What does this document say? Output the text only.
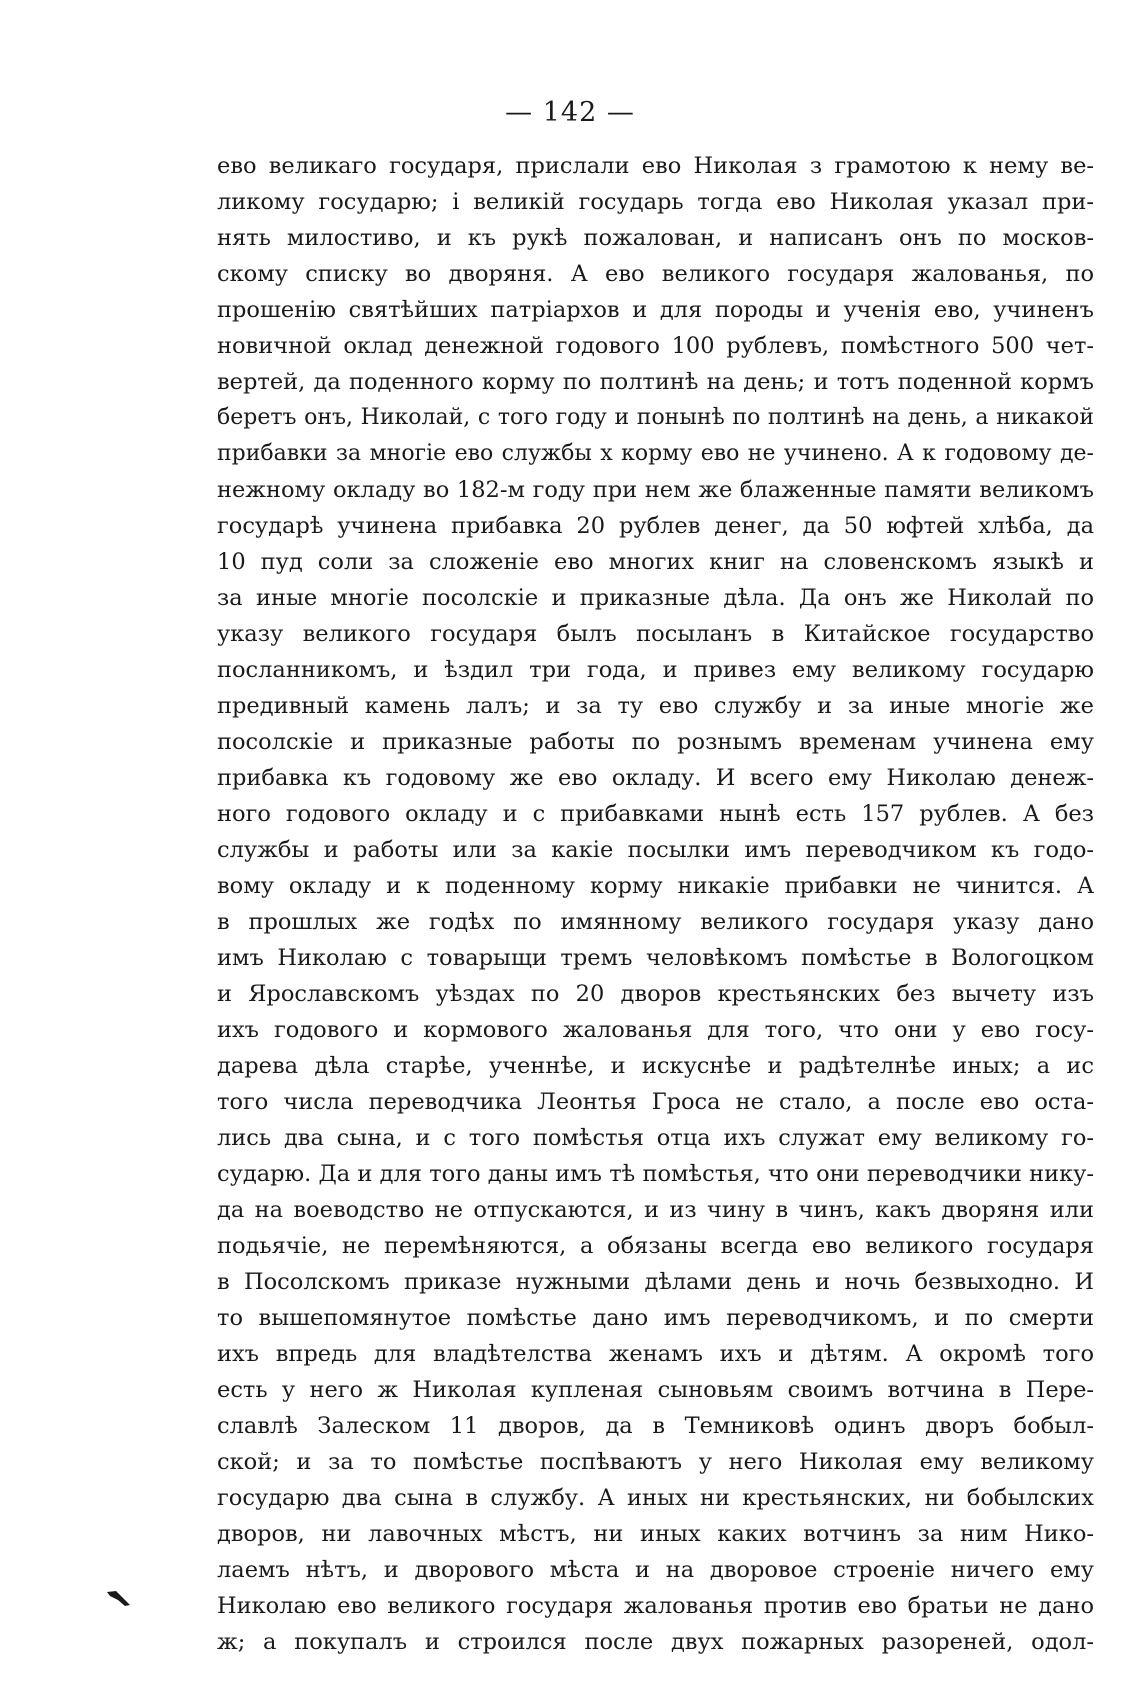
— 142 —
ево великаго государя, прислали ево Николая з грамотою к нему ве-
ликому государю; і великій государь тогда ево Николая указал при-
нять милостиво, и къ рукѣ пожалован, и написанъ онъ по москов-
скому списку во дворяня. А ево великого государя жалованья, по
прошенію святѣйших патріархов и для породы и ученія ево, учиненъ
новичной оклад денежной годового 100 рублевъ, помѣстного 500 чет-
вертей, да поденного корму по полтинѣ на день; и тотъ поденной кормъ
беретъ онъ, Николай, с того году и понынѣ по полтинѣ на день, а никакой
прибавки за многіе ево службы х корму ево не учинено. А к годовому де-
нежному окладу во 182-м году при нем же блаженные памяти великомъ
государѣ учинена прибавка 20 рублев денег, да 50 юфтей хлѣба, да
10 пуд соли за сложеніе ево многих книг на словенскомъ языкѣ и
за иные многіе посолскіе и приказные дѣла. Да онъ же Николай по
указу великого государя былъ посыланъ в Китайское государство
посланникомъ, и ѣздил три года, и привез ему великому государю
предивный камень лалъ; и за ту ево службу и за иные многіе же
посолскіе и приказные работы по рознымъ временам учинена ему
прибавка къ годовому же ево окладу. И всего ему Николаю денеж-
ного годового окладу и с прибавками нынѣ есть 157 рублев. А без
службы и работы или за какіе посылки имъ переводчиком къ годо-
вому окладу и к поденному корму никакіе прибавки не чинится. А
в прошлых же годѣх по имянному великого государя указу дано
имъ Николаю с товарыщи тремъ человѣкомъ помѣстье в Вологоцком
и Ярославскомъ уѣздах по 20 дворов крестьянских без вычету изъ
ихъ годового и кормового жалованья для того, что они у ево госу-
дарева дѣла старѣе, ученнѣе, и искуснѣе и радѣтелнѣе иных; а ис
того числа переводчика Леонтья Гроса не стало, а после ево оста-
лись два сына, и с того помѣстья отца ихъ служат ему великому го-
сударю. Да и для того даны имъ тѣ помѣстья, что они переводчики нику-
да на воеводство не отпускаются, и из чину в чинъ, какъ дворяня или
подьячіе, не перемѣняются, а обязаны всегда ево великого государя
в Посолскомъ приказе нужными дѣлами день и ночь безвыходно. И
то вышепомянутое помѣстье дано имъ переводчикомъ, и по смерти
ихъ впредь для владѣтелства женамъ ихъ и дѣтям. А окромѣ того
есть у него ж Николая купленая сыновьям своимъ вотчина в Пере-
славлѣ Залеском 11 дворов, да в Темниковѣ одинъ дворъ бобыл-
ской; и за то помѣстье поспѣваютъ у него Николая ему великому
государю два сына в службу. А иных ни крестьянских, ни бобылских
дворов, ни лавочных мѣстъ, ни иных каких вотчинъ за ним Нико-
лаемъ нѣтъ, и дворового мѣста и на дворовое строеніе ничего ему
Николаю ево великого государя жалованья против ево братьи не дано
ж; а покупалъ и строился после двух пожарных разореней, одол-
